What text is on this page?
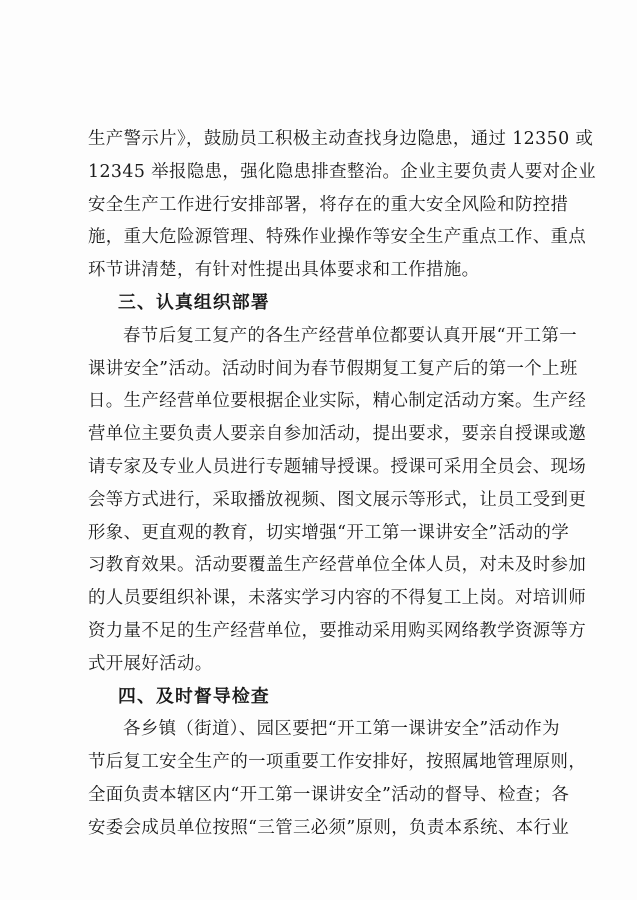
生产警示片》，鼓励员工积极主动查找身边隐患，通过 12350 或
12345 举报隐患，强化隐患排查整治。企业主要负责人要对企业
安全生产工作进行安排部署，将存在的重大安全风险和防控措
施，重大危险源管理、特殊作业操作等安全生产重点工作、重点
环节讲清楚，有针对性提出具体要求和工作措施。
三、认真组织部署
春节后复工复产的各生产经营单位都要认真开展“开工第一
课讲安全”活动。活动时间为春节假期复工复产后的第一个上班
日。生产经营单位要根据企业实际，精心制定活动方案。生产经
营单位主要负责人要亲自参加活动，提出要求，要亲自授课或邀
请专家及专业人员进行专题辅导授课。授课可采用全员会、现场
会等方式进行，采取播放视频、图文展示等形式，让员工受到更
形象、更直观的教育，切实增强“开工第一课讲安全”活动的学
习教育效果。活动要覆盖生产经营单位全体人员，对未及时参加
的人员要组织补课，未落实学习内容的不得复工上岗。对培训师
资力量不足的生产经营单位，要推动采用购买网络教学资源等方
式开展好活动。
四、及时督导检查
各乡镇（街道）、园区要把“开工第一课讲安全”活动作为
节后复工安全生产的一项重要工作安排好，按照属地管理原则，
全面负责本辖区内“开工第一课讲安全”活动的督导、检查；各
安委会成员单位按照“三管三必须”原则，负责本系统、本行业
